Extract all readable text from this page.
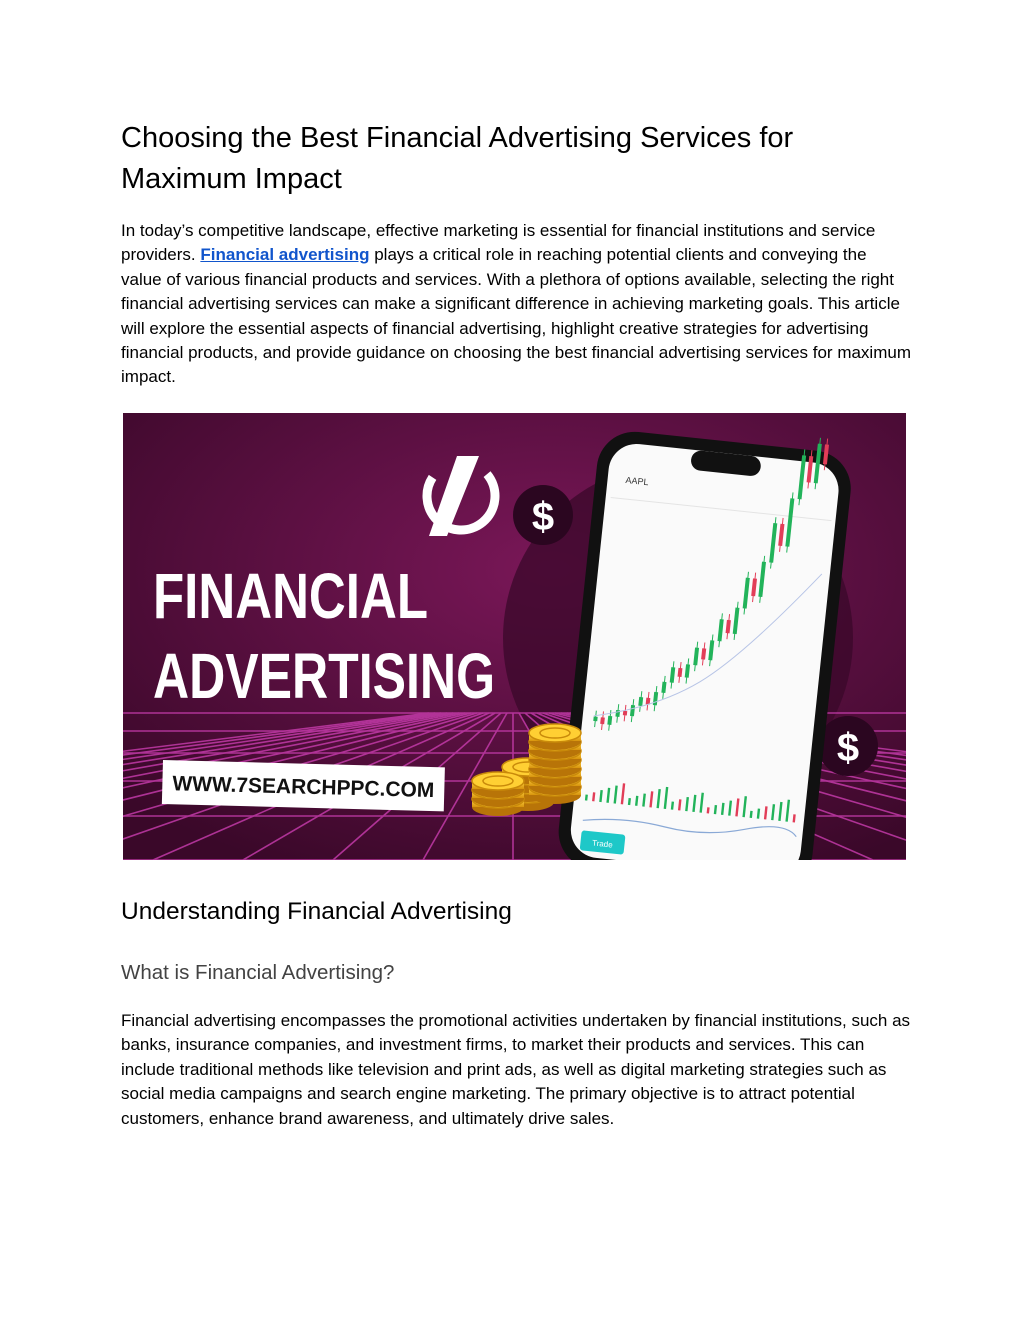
Choosing the Best Financial Advertising Services for Maximum Impact

In today’s competitive landscape, effective marketing is essential for financial institutions and service providers. Financial advertising plays a critical role in reaching potential clients and conveying the value of various financial products and services. With a plethora of options available, selecting the right financial advertising services can make a significant difference in achieving marketing goals. This article will explore the essential aspects of financial advertising, highlight creative strategies for advertising financial products, and provide guidance on choosing the best financial advertising services for maximum impact.

FINANCIAL
ADVERTISING
WWW.7SEARCHPPC.COM
$
$
AAPL
Trade
Understanding Financial Advertising
What is Financial Advertising?

Financial advertising encompasses the promotional activities undertaken by financial institutions, such as banks, insurance companies, and investment firms, to market their products and services. This can include traditional methods like television and print ads, as well as digital marketing strategies such as social media campaigns and search engine marketing. The primary objective is to attract potential customers, enhance brand awareness, and ultimately drive sales.
